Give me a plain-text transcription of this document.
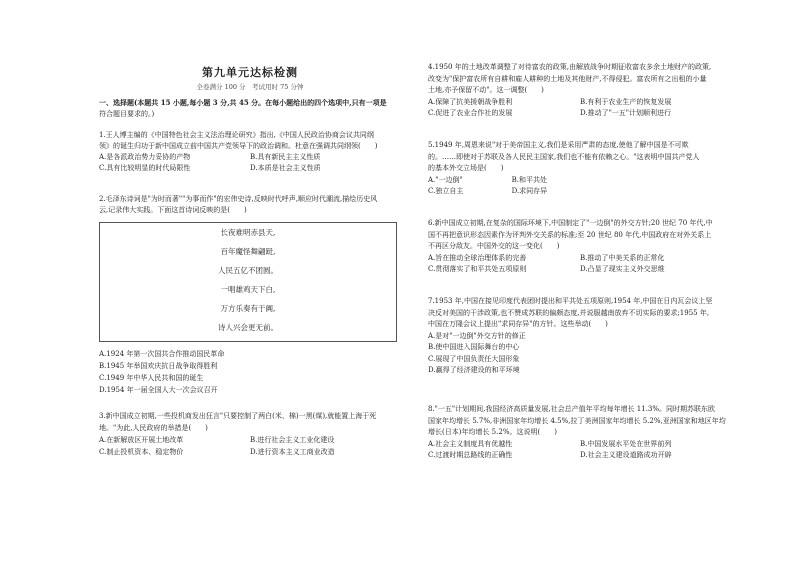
第九单元达标检测
全卷满分 100 分　考试用时 75 分钟
一、选择题(本题共 15 小题,每小题 3 分,共 45 分。在每小题给出的四个选项中,只有一项是
符合题目要求的。)
1.王人博主编的《中国特色社会主义法治理论研究》指出,《中国人民政治协商会议共同纲
领》的诞生归功于新中国成立前中国共产党领导下的政治调和。杜意在强调共同纲领(　　)
A.是各派政治势力妥协的产物	B.具有新民主主义性质
C.具有比较明显的时代局限性	D.本质是社会主义性质
2.毛泽东诗词是"为时而著""为事而作"的宏伟史诗,反映时代呼声,顺应时代潮流,描绘历史风
云,记录伟大实践。下面这首诗词反映的是(　　)
长夜难明赤县天,
百年魔怪舞翩跹,
人民五亿不团圆。
一唱雄鸡天下白,
万方乐奏有于阗,
诗人兴会更无前。
A.1924 年第一次国共合作推动国民革命
B.1945 年举国欢庆抗日战争取得胜利
C.1949 年中华人民共和国的诞生
D.1954 年一届全国人大一次会议召开
3.新中国成立初期,一些投机商发出狂言"只要控制了两白(米、棉)一黑(煤),就能置上海于死
地。"为此,人民政府的举措是(　　)
A.在新解放区开展土地改革	B.进行社会主义工业化建设
C.制止投机资本、稳定物价	D.进行资本主义工商业改造
4.1950 年的土地改革调整了对待富农的政策,由解放战争时期征收富农多余土地财产的政策,
改变为"保护富农所有自耕和雇人耕种的土地及其他财产,不得侵犯。富农所有之出租的小量
土地,亦予保留不动"。这一调整(　　)
A.保障了抗美援朝战争胜利	B.有利于农业生产的恢复发展
C.促进了农业合作社的发展	D.推动了"一五"计划顺利进行
5.1949 年,周恩来说"对于美帝国主义,我们是采用严肃的态度,使他了解中国是不可欺
的。……即使对于苏联及各人民民主国家,我们也不能有依赖之心。"这表明中国共产党人
的基本外交立场是(　　)
A."一边倒"	B.和平共处
C.独立自主	D.求同存异
6.新中国成立初期,在复杂的国际环境下,中国制定了"一边倒"的外交方针;20 世纪 70 年代,中
国不再把意识形态因素作为评判外交关系的标准;至 20 世纪 80 年代,中国政府在对外关系上
不再区分敌友。中国外交的这一变化(　　)
A.旨在推动全球治理体系的完善	B.推动了中美关系的正常化
C.贯彻落实了和平共处五项原则	D.凸显了现实主义外交思维
7.1953 年,中国在接见印度代表团时提出和平共处五项原则,1954 年,中国在日内瓦会议上坚
决反对美国的干涉政策,也不赞成苏联的偏颇态度,并说服越南放弃不切实际的要求;1955 年,
中国在万隆会议上提出"求同存异"的方针。这些举动(　　)
A.是对"一边倒"外交方针的修正
B.使中国进入国际舞台的中心
C.展现了中国负责任大国形象
D.赢得了经济建设的和平环境
8."一五"计划期间,我国经济高质量发展,社会总产值年平均每年增长 11.3%。同时期苏联东欧
国家年均增长 5.7%,非洲国家年均增长 4.5%,拉丁美洲国家年均增长 5.2%,亚洲国家和地区年均
增长(日本)年均增长 5.2%。这说明(　　)
A.社会主义制度具有优越性	B.中国发展水平处在世界前列
C.过渡时期总路线的正确性	D.社会主义建设道路成功开辟
